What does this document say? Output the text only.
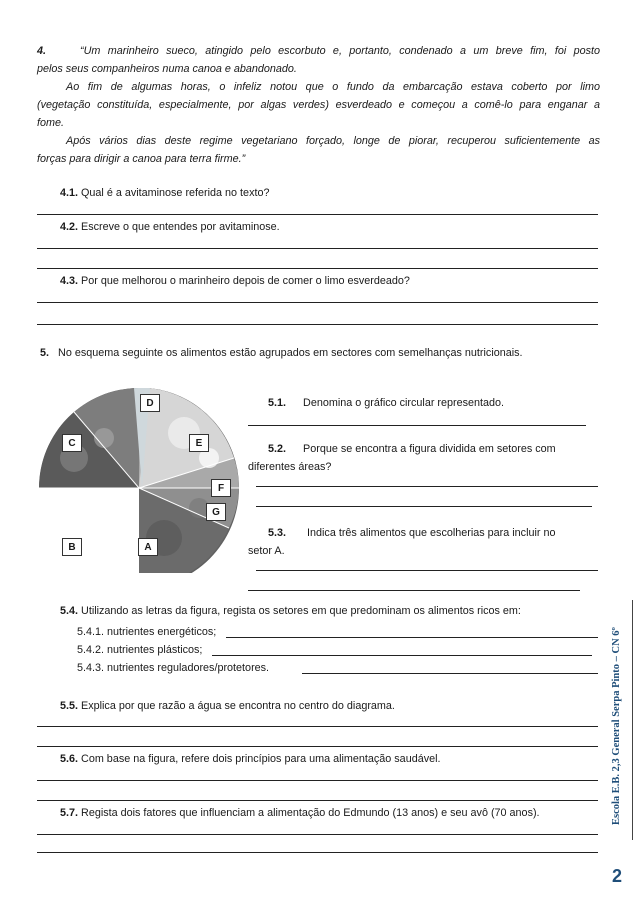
4.	“Um marinheiro sueco, atingido pelo escorbuto e, portanto, condenado a um breve fim, foi posto
pelos seus companheiros numa canoa e abandonado.
Ao fim de algumas horas, o infeliz notou que o fundo da embarcação estava coberto por limo
(vegetação constituída, especialmente, por algas verdes) esverdeado e começou a comê-lo para enganar a
fome.
Após vários dias deste regime vegetariano forçado, longe de piorar, recuperou suficientemente as
forças para dirigir a canoa para terra firme.”
4.1. Qual é a avitaminose referida no texto?
4.2. Escreve o que entendes por avitaminose.
4.3. Por que melhorou o marinheiro depois de comer o limo esverdeado?
5. No esquema seguinte os alimentos estão agrupados em sectores com semelhanças nutricionais.
D
C	E
F
G
B	A
5.1. Denomina o gráfico circular representado.
5.2. Porque se encontra a figura dividida em setores com
diferentes áreas?
5.3. Indica três alimentos que escolherias para incluir no
setor A.
5.4. Utilizando as letras da figura, regista os setores em que predominam os alimentos ricos em:
5.4.1. nutrientes energéticos;
5.4.2. nutrientes plásticos;
5.4.3. nutrientes reguladores/protetores.
5.5. Explica por que razão a água se encontra no centro do diagrama.
5.6. Com base na figura, refere dois princípios para uma alimentação saudável.
5.7. Regista dois fatores que influenciam a alimentação do Edmundo (13 anos) e seu avô (70 anos).	Escola E.B. 2,3 General Serpa Pinto – CN 6º
2
